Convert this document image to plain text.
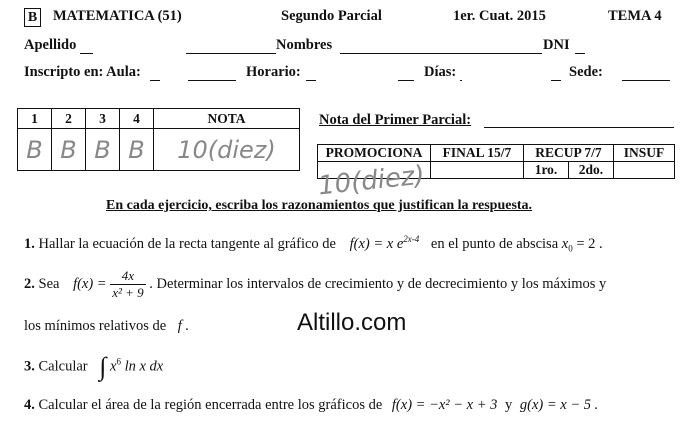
B MATEMATICA (51)	Segundo Parcial	1er. Cuat. 2015	TEMA 4
Apellido	Nombres	DNI
Inscripto en: Aula:	Horario:	Días:	Sede:
1	2	3	4	NOTA
B	B	B	B	10(diez)
Nota del Primer Parcial:
PROMOCIONA	FINAL 15/7	RECUP 7/7		INSUF
		1ro.	2do.	
10(diez)
En cada ejercicio, escriba los razonamientos que justifican la respuesta.
1. Hallar la ecuación de la recta tangente al gráfico de f(x) = x $e^{2x-4}$ en el punto de abscisa $x_0 = 2$ .
2. Sea $f(x) = \frac{4x}{\text{x² + 9}}$ . Determinar los intervalos de crecimiento y de decrecimiento y los máximos y
los mínimos relativos de f .	Altillo.com
3. Calcular ∫ $x^6$ ln x dx
4. Calcular el área de la región encerrada entre los gráficos de f(x) = −x² − x + 3 y g(x) = x − 5 .
